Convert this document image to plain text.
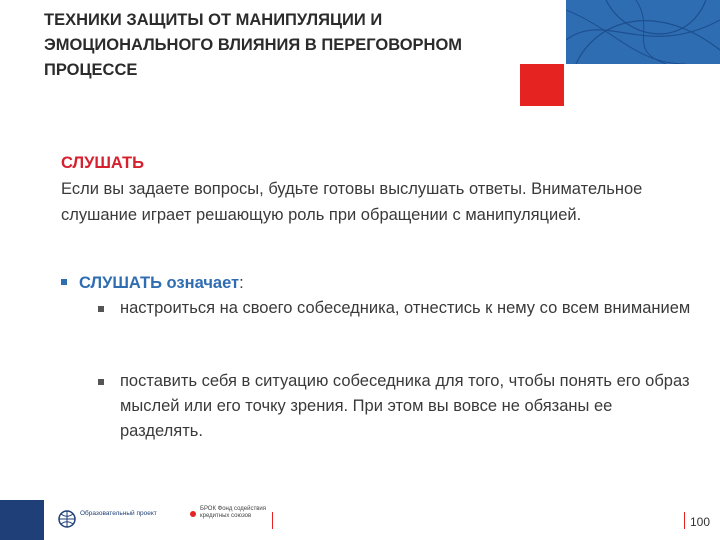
ТЕХНИКИ ЗАЩИТЫ ОТ МАНИПУЛЯЦИИ И ЭМОЦИОНАЛЬНОГО ВЛИЯНИЯ В ПЕРЕГОВОРНОМ ПРОЦЕССЕ
СЛУШАТЬ
Если вы задаете вопросы, будьте готовы выслушать ответы. Внимательное слушание играет решающую роль при обращении с манипуляцией.
СЛУШАТЬ означает:
настроиться на своего собеседника, отнестись к нему со всем вниманием
поставить себя в ситуацию собеседника для того, чтобы понять его образ мыслей или его точку зрения. При этом вы вовсе не обязаны ее разделять.
Образовательный проект
БРОК Фонд содействия кредитных союзов	100
